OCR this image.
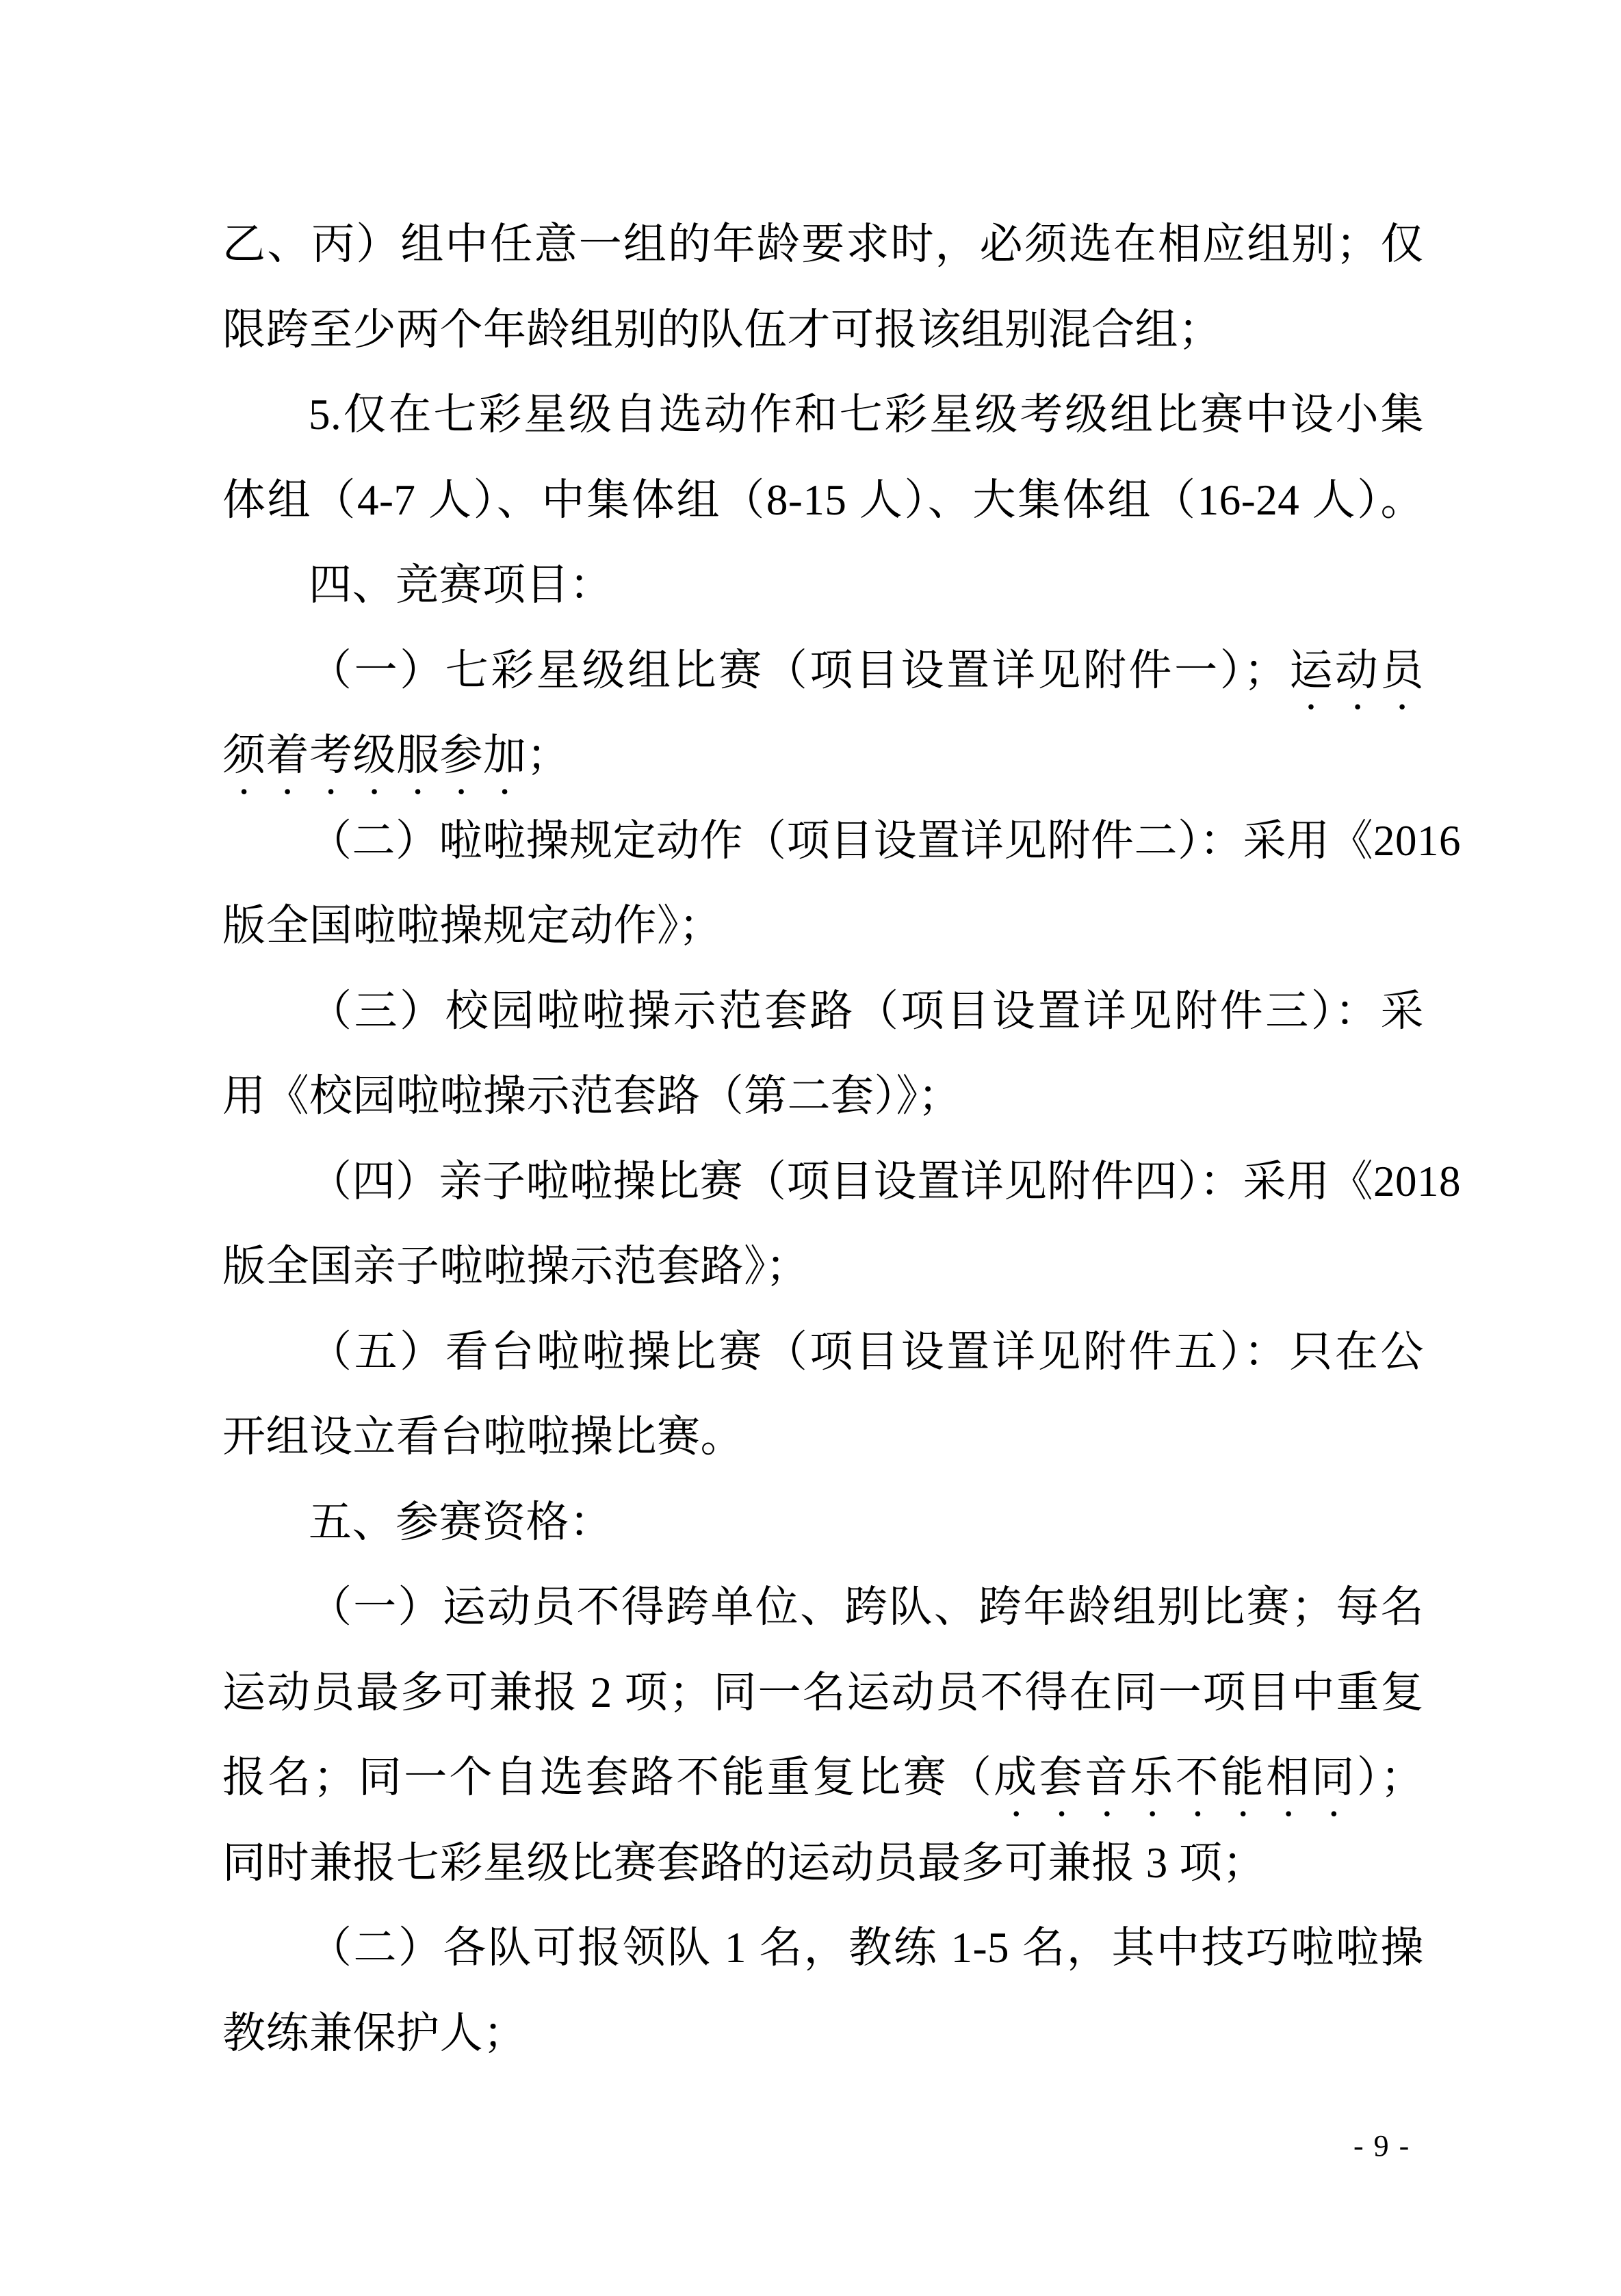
乙、丙）组中任意一组的年龄要求时，必须选在相应组别；仅
限跨至少两个年龄组别的队伍才可报该组别混合组；
5.仅在七彩星级自选动作和七彩星级考级组比赛中设小集
体组（4-7 人）、中集体组（8-15 人）、大集体组（16-24 人）。
四、竞赛项目：
（一）七彩星级组比赛（项目设置详见附件一）；运动员
须着考级服参加；
（二）啦啦操规定动作（项目设置详见附件二）：采用《2016
版全国啦啦操规定动作》；
（三）校园啦啦操示范套路（项目设置详见附件三）：采
用《校园啦啦操示范套路（第二套）》；
（四）亲子啦啦操比赛（项目设置详见附件四）：采用《2018
版全国亲子啦啦操示范套路》；
（五）看台啦啦操比赛（项目设置详见附件五）：只在公
开组设立看台啦啦操比赛。
五、参赛资格：
（一）运动员不得跨单位、跨队、跨年龄组别比赛；每名
运动员最多可兼报 2 项；同一名运动员不得在同一项目中重复
报名；同一个自选套路不能重复比赛（成套音乐不能相同）；
同时兼报七彩星级比赛套路的运动员最多可兼报 3 项；
（二）各队可报领队 1 名，教练 1-5 名，其中技巧啦啦操
教练兼保护人；
- 9 -
